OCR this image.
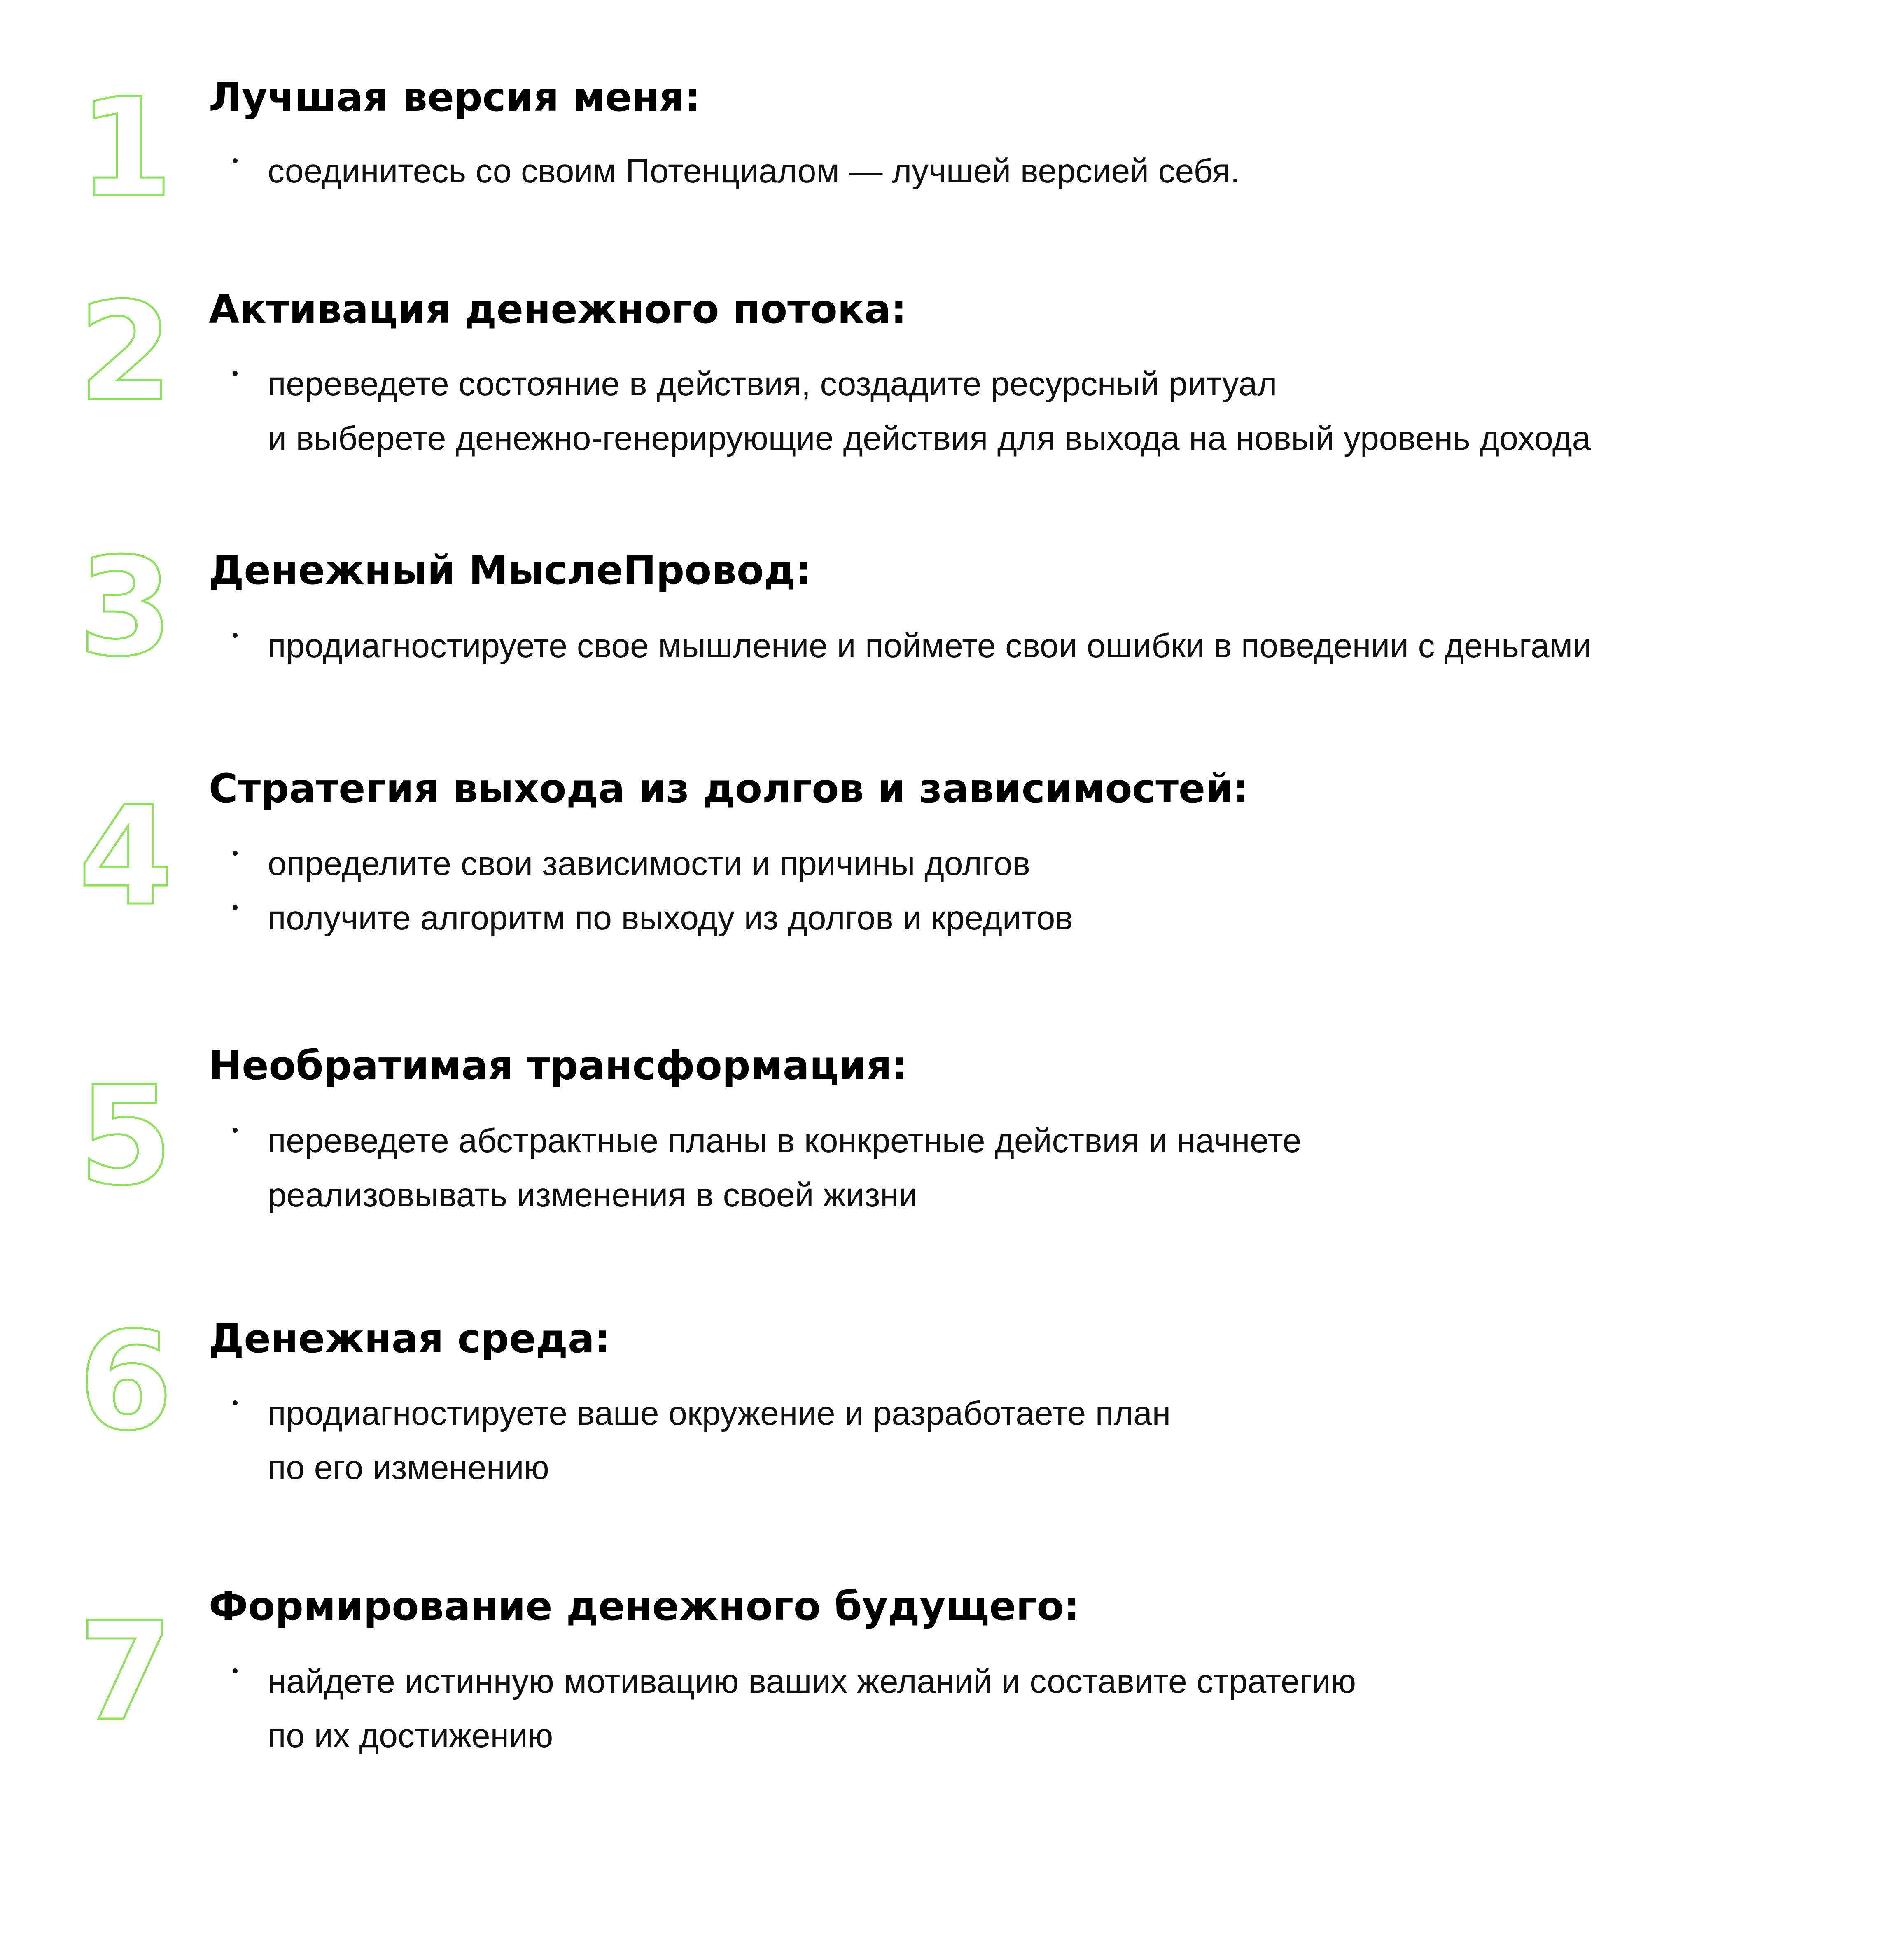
1 Лучшая версия меня:
соединитесь со своим Потенциалом — лучшей версией себя.
2 Активация денежного потока:
переведете состояние в действия, создадите ресурсный ритуал
и выберете денежно-генерирующие действия для выхода на новый уровень дохода
3 Денежный МыслеПровод:
продиагностируете свое мышление и поймете свои ошибки в поведении с деньгами
4 Стратегия выхода из долгов и зависимостей:
определите свои зависимости и причины долгов
получите алгоритм по выходу из долгов и кредитов
5 Необратимая трансформация:
переведете абстрактные планы в конкретные действия и начнете
реализовывать изменения в своей жизни
6 Денежная среда:
продиагностируете ваше окружение и разработаете план
по его изменению
7 Формирование денежного будущего:
найдете истинную мотивацию ваших желаний и составите стратегию
по их достижению
